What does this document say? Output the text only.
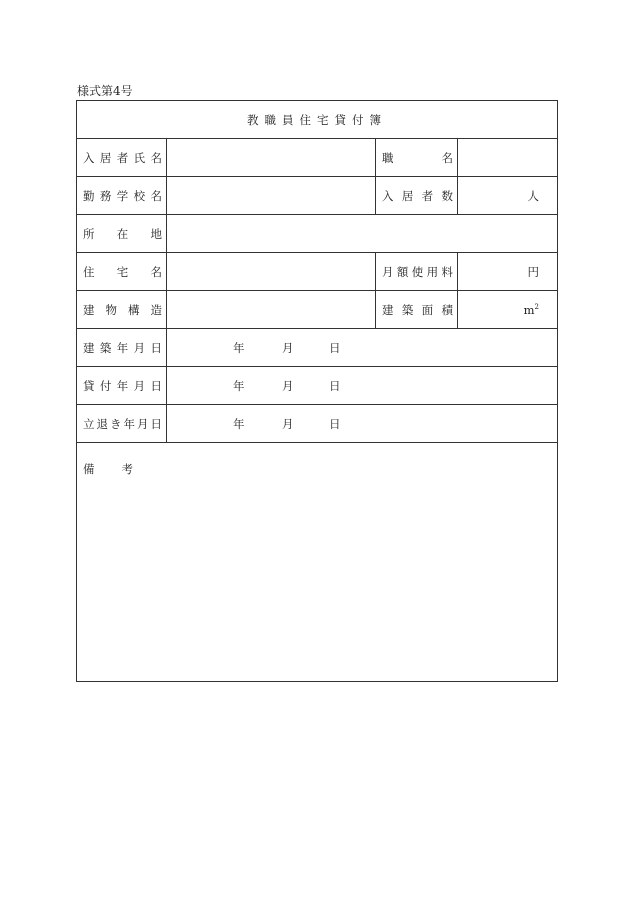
様式第4号
教職員住宅貸付簿			

入居者氏名		職　名	

勤務学校名		入居者数	人

所在地			

住宅名		月額使用料	円

建物構造		建築面積	$m^2$

建築年月日	年 月 日		

貸付年月日	年 月 日		

立退き年月日	年 月 日		

備考			
